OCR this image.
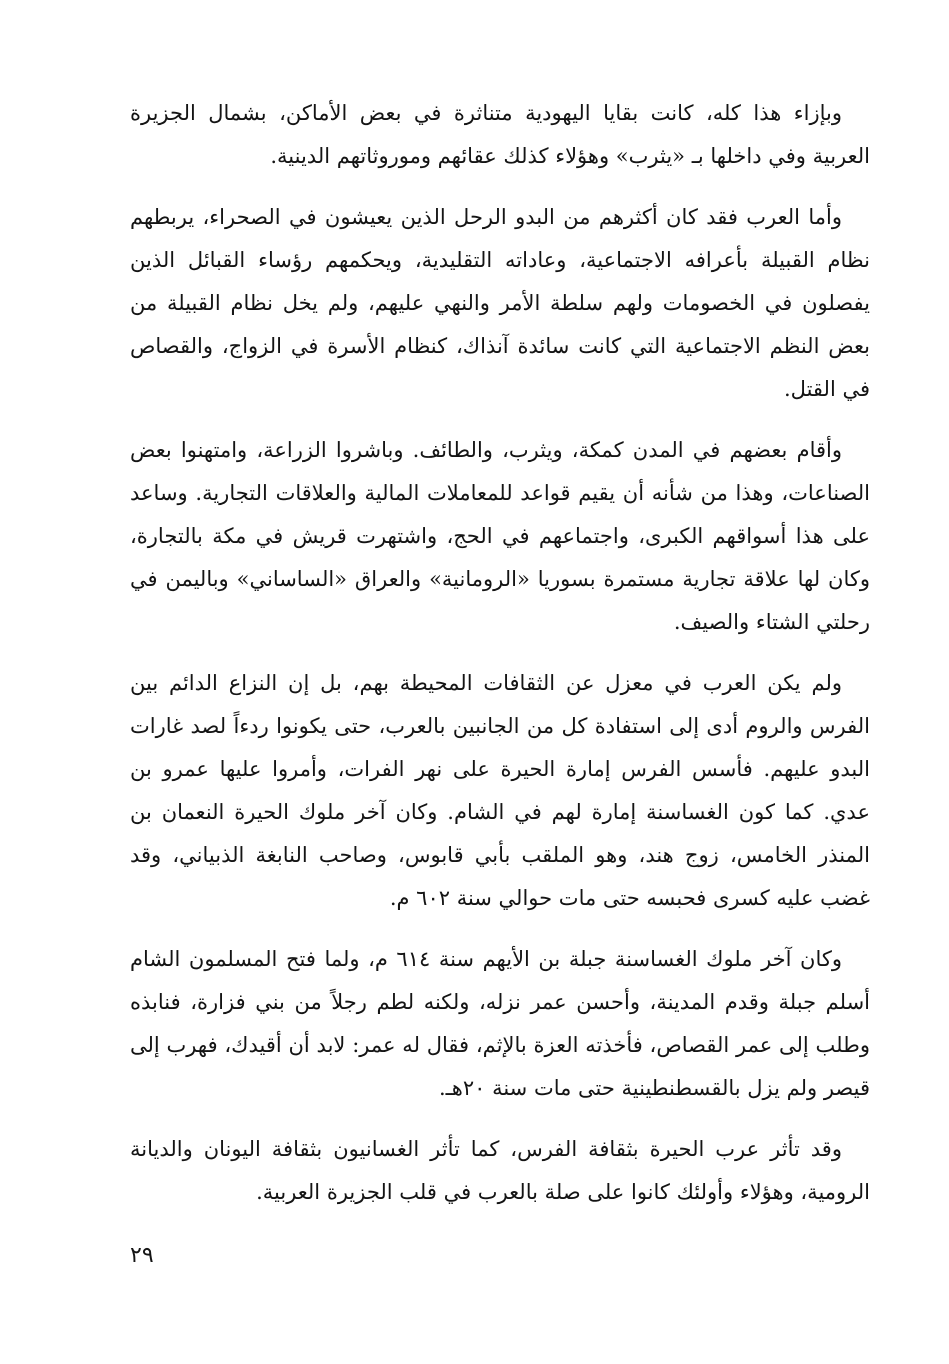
وبإزاء هذا كله، كانت بقايا اليهودية متناثرة في بعض الأماكن، بشمال الجزيرة العربية وفي داخلها بـ «يثرب» وهؤلاء كذلك عقائهم وموروثاتهم الدينية.

وأما العرب فقد كان أكثرهم من البدو الرحل الذين يعيشون في الصحراء، يربطهم نظام القبيلة بأعرافه الاجتماعية، وعاداته التقليدية، ويحكمهم رؤساء القبائل الذين يفصلون في الخصومات ولهم سلطة الأمر والنهي عليهم، ولم يخل نظام القبيلة من بعض النظم الاجتماعية التي كانت سائدة آنذاك، كنظام الأسرة في الزواج، والقصاص في القتل.

وأقام بعضهم في المدن كمكة، ويثرب، والطائف. وباشروا الزراعة، وامتهنوا بعض الصناعات، وهذا من شأنه أن يقيم قواعد للمعاملات المالية والعلاقات التجارية. وساعد على هذا أسواقهم الكبرى، واجتماعهم في الحج، واشتهرت قريش في مكة بالتجارة، وكان لها علاقة تجارية مستمرة بسوريا «الرومانية» والعراق «الساساني» وباليمن في رحلتي الشتاء والصيف.

ولم يكن العرب في معزل عن الثقافات المحيطة بهم، بل إن النزاع الدائم بين الفرس والروم أدى إلى استفادة كل من الجانبين بالعرب، حتى يكونوا ردءاً لصد غارات البدو عليهم. فأسس الفرس إمارة الحيرة على نهر الفرات، وأمروا عليها عمرو بن عدي. كما كون الغساسنة إمارة لهم في الشام. وكان آخر ملوك الحيرة النعمان بن المنذر الخامس، زوج هند، وهو الملقب بأبي قابوس، وصاحب النابغة الذبياني، وقد غضب عليه كسرى فحبسه حتى مات حوالي سنة ٦٠٢ م.

وكان آخر ملوك الغساسنة جبلة بن الأيهم سنة ٦١٤ م، ولما فتح المسلمون الشام أسلم جبلة وقدم المدينة، وأحسن عمر نزله، ولكنه لطم رجلاً من بني فزارة، فنابذه وطلب إلى عمر القصاص، فأخذته العزة بالإثم، فقال له عمر: لابد أن أقيدك، فهرب إلى قيصر ولم يزل بالقسطنطينية حتى مات سنة ٢٠هـ.

وقد تأثر عرب الحيرة بثقافة الفرس، كما تأثر الغسانيون بثقافة اليونان والديانة الرومية، وهؤلاء وأولئك كانوا على صلة بالعرب في قلب الجزيرة العربية.

٢٩
